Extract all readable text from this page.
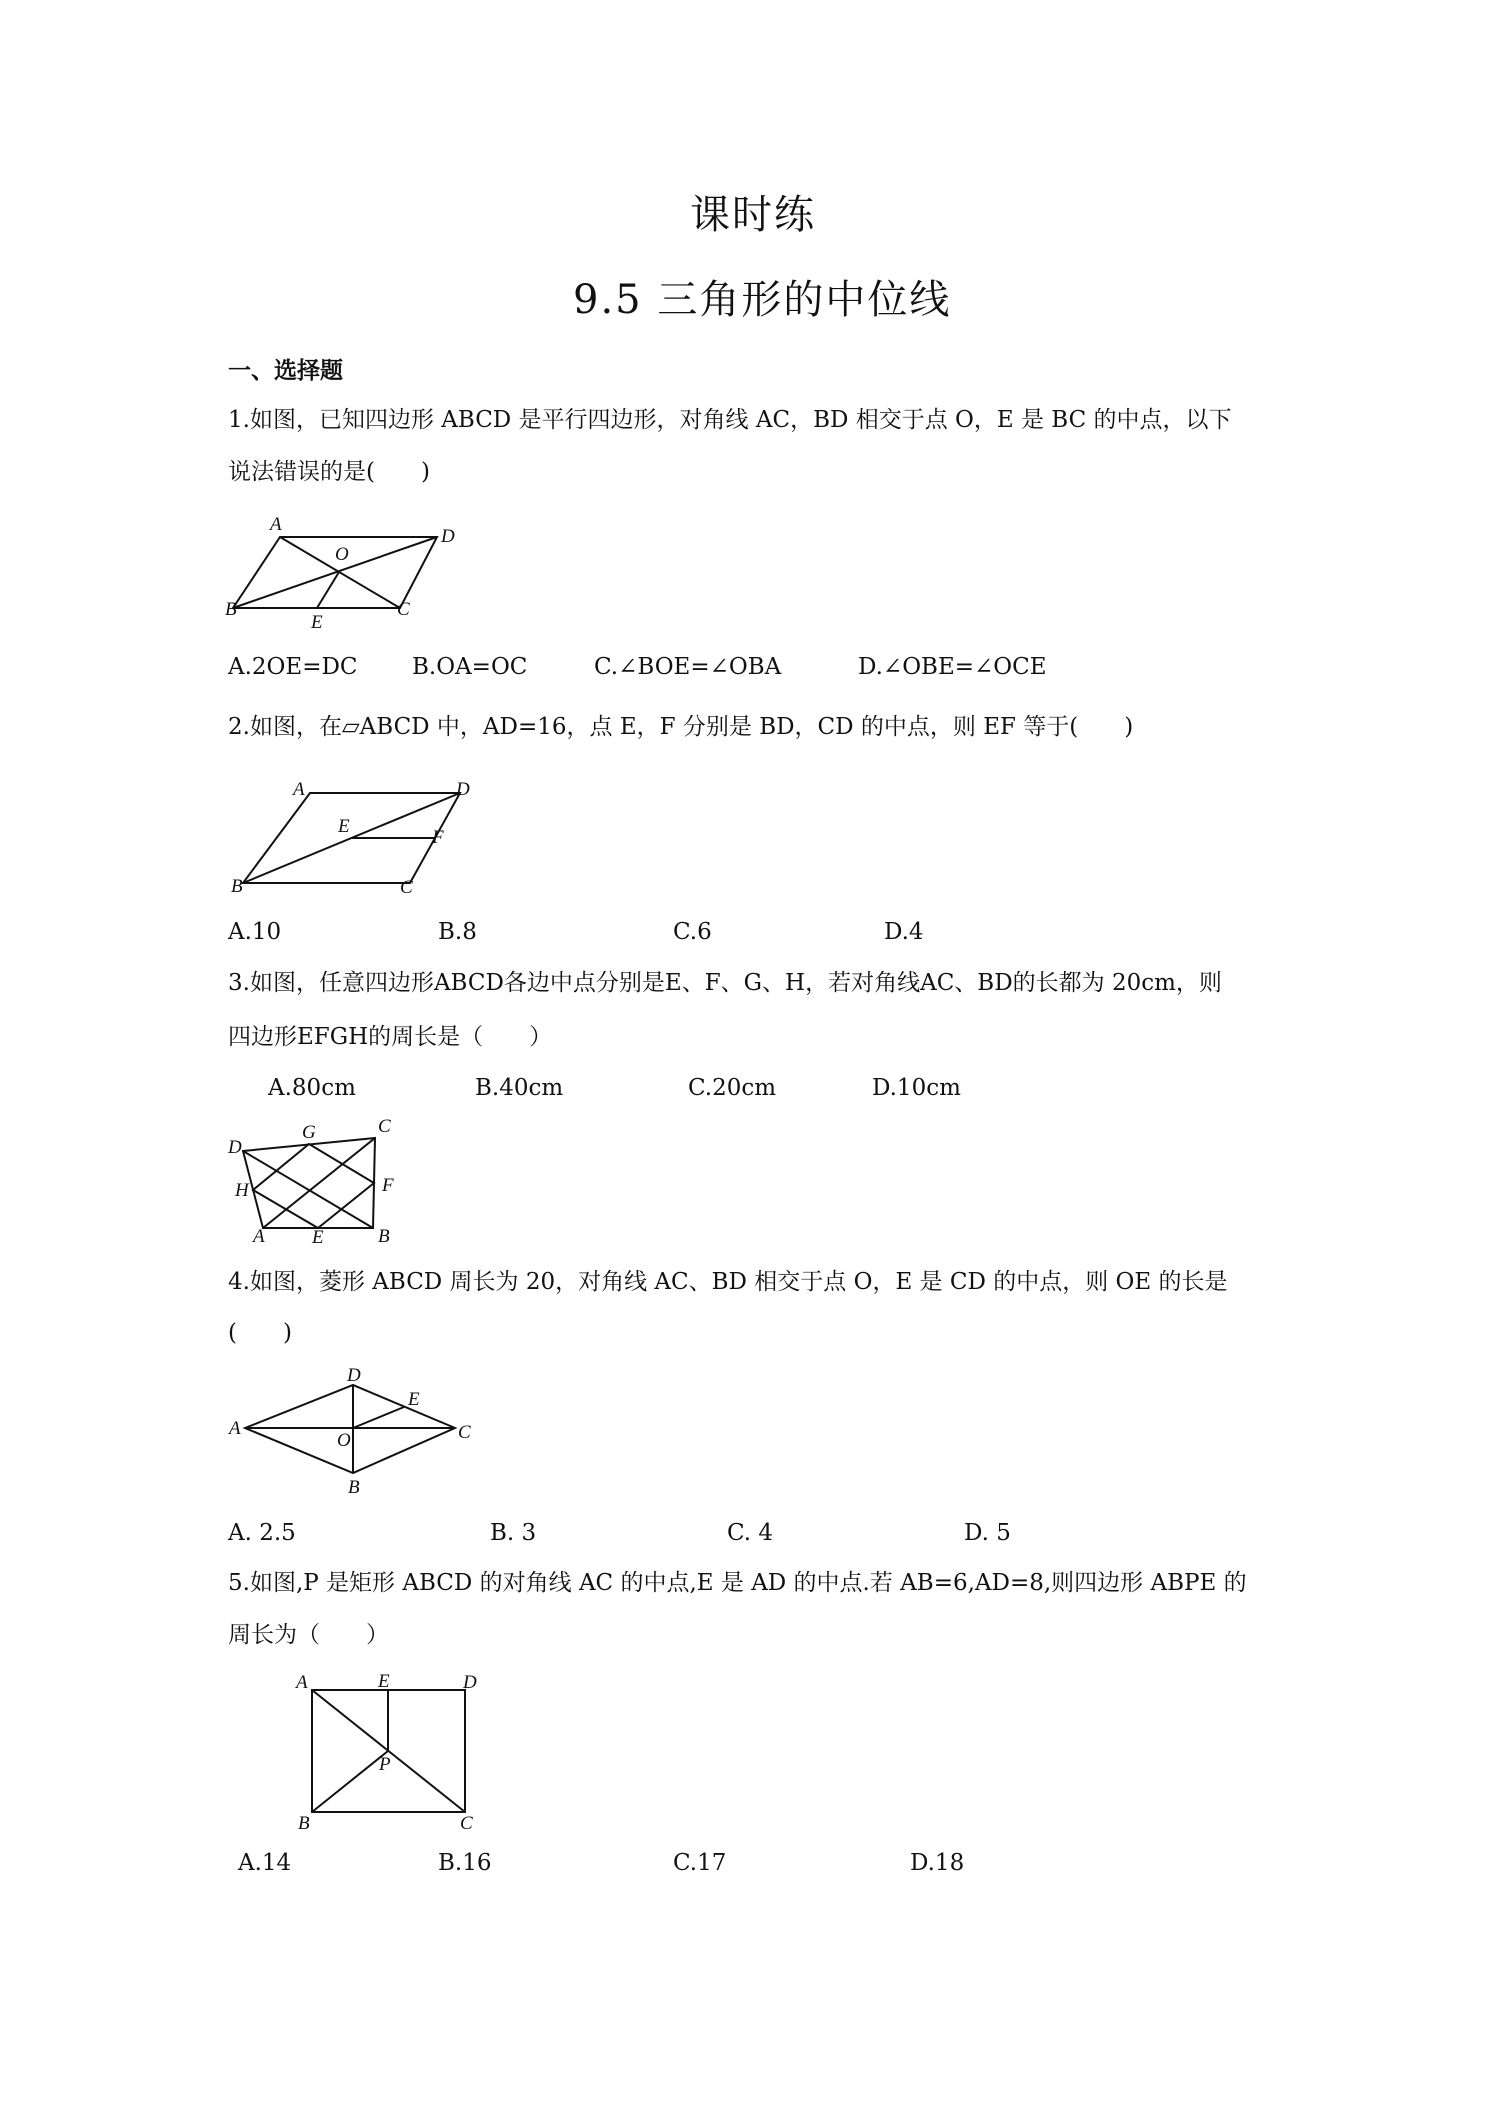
课时练
9.5 三角形的中位线
一、选择题
1.如图，已知四边形 ABCD 是平行四边形，对角线 AC，BD 相交于点 O，E 是 BC 的中点，以下
说法错误的是(　　)
A
D
O
B	C
E
A.2OE=DC B.OA=OC	C.∠BOE=∠OBA	D.∠OBE=∠OCE
2.如图，在▱ABCD 中，AD=16，点 E，F 分别是 BD，CD 的中点，则 EF 等于(　　)
A	D
E
F
B	C
A.10	B.8	C.6	D.4
3.如图，任意四边形ABCD各边中点分别是E、F、G、H，若对角线AC、BD的长都为 20cm，则
四边形EFGH的周长是（　　）
A.80cm	B.40cm	C.20cm	D.10cm
D
G	C
H	F
A E	B
4.如图，菱形 ABCD 周长为 20，对角线 AC、BD 相交于点 O，E 是 CD 的中点，则 OE 的长是
(　　)
D
E
A	C
O
B
A. 2.5	B. 3	C. 4	D. 5
5.如图,P 是矩形 ABCD 的对角线 AC 的中点,E 是 AD 的中点.若 AB=6,AD=8,则四边形 ABPE 的
周长为（　　）
A	E	D
P
B	C
A.14	B.16	C.17	D.18
